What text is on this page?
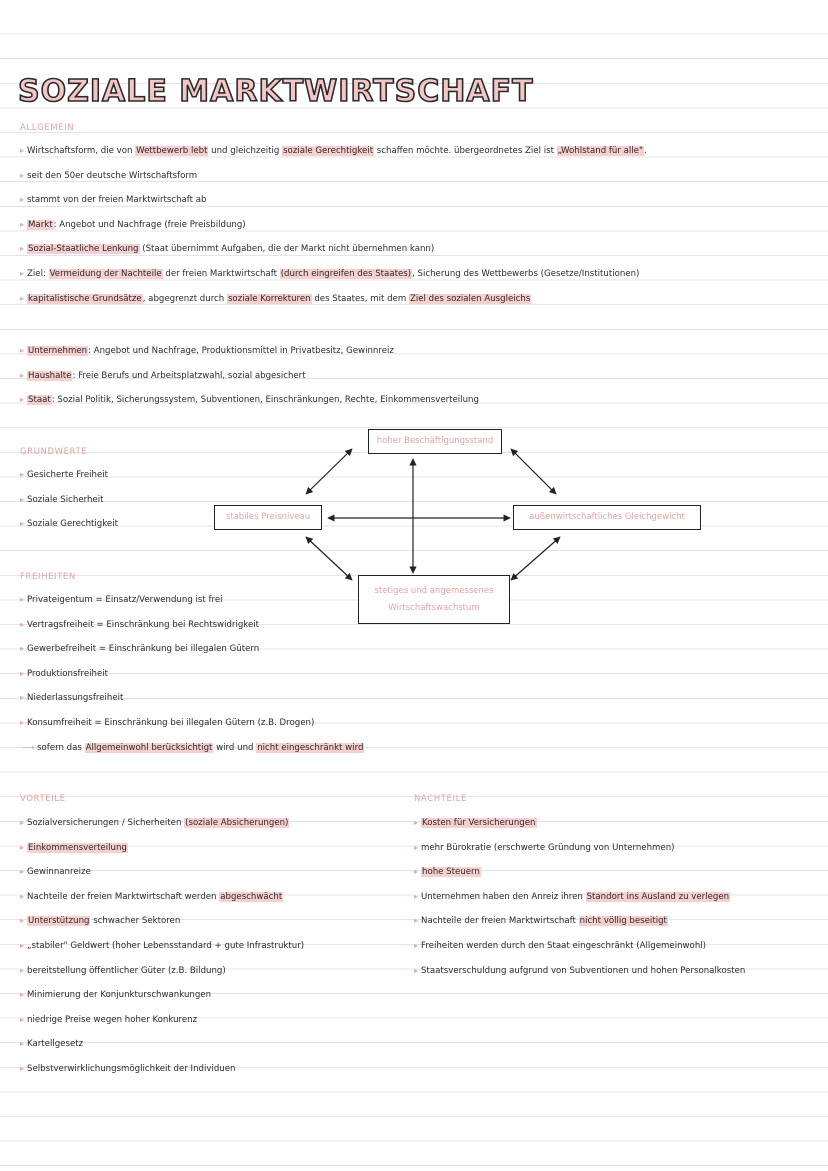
SOZIALE MARKTWIRTSCHAFT
ALLGEMEIN
GRUNDWERTE
▸ Gesicherte Freiheit
▸ Soziale Sicherheit
▸ Soziale Gerechtigkeit
hoher Beschäftigungsstand
stabiles Preisniveau	außenwirtschaftliches Gleichgewicht
stetiges und angemessenes
Wirtschaftswachstum
FREIHEITEN
⟶ sofern das Allgemeinwohl berücksichtigt wird und nicht eingeschränkt wird
VORTEILE	NACHTEILE
▸ Wirtschaftsform, die von Wettbewerb lebt und gleichzeitig soziale Gerechtigkeit schaffen möchte. übergeordnetes Ziel ist „Wohlstand für alle".
▸ seit den 50er deutsche Wirtschaftsform
▸ stammt von der freien Marktwirtschaft ab
▸ Markt: Angebot und Nachfrage (freie Preisbildung)
▸ Sozial-Staatliche Lenkung (Staat übernimmt Aufgaben, die der Markt nicht übernehmen kann)
▸ Ziel: Vermeidung der Nachteile der freien Marktwirtschaft (durch eingreifen des Staates), Sicherung des Wettbewerbs (Gesetze/Institutionen)
▸ kapitalistische Grundsätze, abgegrenzt durch soziale Korrekturen des Staates, mit dem Ziel des sozialen Ausgleichs
▸ Unternehmen: Angebot und Nachfrage, Produktionsmittel in Privatbesitz, Gewinnreiz
▸ Haushalte: Freie Berufs und Arbeitsplatzwahl, sozial abgesichert
▸ Staat: Sozial Politik, Sicherungssystem, Subventionen, Einschränkungen, Rechte, Einkommensverteilung
▸ Privateigentum = Einsatz/Verwendung ist frei
▸ Vertragsfreiheit = Einschränkung bei Rechtswidrigkeit
▸ Gewerbefreiheit = Einschränkung bei illegalen Gütern
▸ Produktionsfreiheit
▸ Niederlassungsfreiheit
▸ Konsumfreiheit = Einschränkung bei illegalen Gütern (z.B. Drogen)
▸ Sozialversicherungen / Sicherheiten (soziale Absicherungen)
▸ Einkommensverteilung
▸ Gewinnanreize
▸ Nachteile der freien Marktwirtschaft werden abgeschwächt
▸ Unterstützung schwacher Sektoren
▸ „stabiler" Geldwert (hoher Lebensstandard + gute Infrastruktur)
▸ bereitstellung öffentlicher Güter (z.B. Bildung)
▸ Minimierung der Konjunkturschwankungen
▸ niedrige Preise wegen hoher Konkurenz
▸ Kartellgesetz
▸ Selbstverwirklichungsmöglichkeit der Individuen
▸ Kosten für Versicherungen
▸ mehr Bürokratie (erschwerte Gründung von Unternehmen)
▸ hohe Steuern
▸ Unternehmen haben den Anreiz ihren Standort ins Ausland zu verlegen
▸ Nachteile der freien Marktwirtschaft nicht völlig beseitigt
▸ Freiheiten werden durch den Staat eingeschränkt (Allgemeinwohl)
▸ Staatsverschuldung aufgrund von Subventionen und hohen Personalkosten
